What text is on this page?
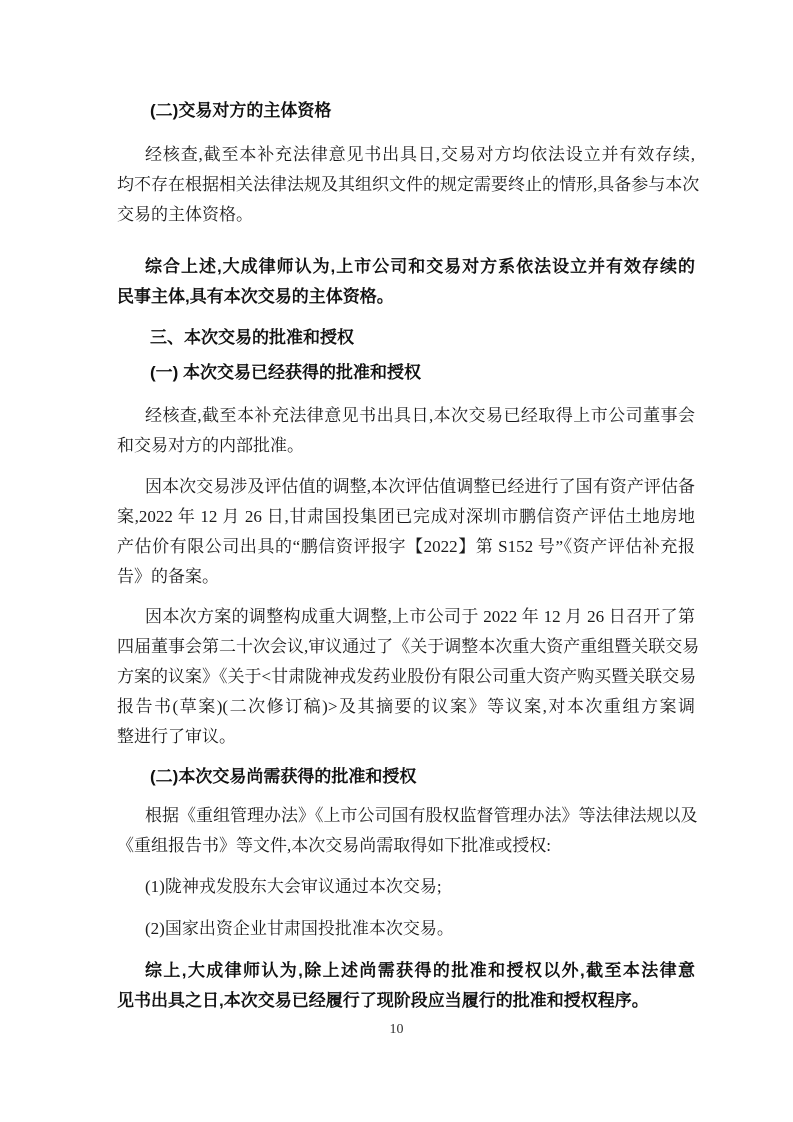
(二)交易对方的主体资格
经核查,截至本补充法律意见书出具日,交易对方均依法设立并有效存续,
均不存在根据相关法律法规及其组织文件的规定需要终止的情形,具备参与本次
交易的主体资格。
综合上述,大成律师认为,上市公司和交易对方系依法设立并有效存续的
民事主体,具有本次交易的主体资格。
三、本次交易的批准和授权
(一) 本次交易已经获得的批准和授权
经核查,截至本补充法律意见书出具日,本次交易已经取得上市公司董事会
和交易对方的内部批准。
因本次交易涉及评估值的调整,本次评估值调整已经进行了国有资产评估备
案,2022 年 12 月 26 日,甘肃国投集团已完成对深圳市鹏信资产评估土地房地
产估价有限公司出具的“鹏信资评报字【2022】第 S152 号”《资产评估补充报
告》的备案。
因本次方案的调整构成重大调整,上市公司于 2022 年 12 月 26 日召开了第
四届董事会第二十次会议,审议通过了《关于调整本次重大资产重组暨关联交易
方案的议案》《关于<甘肃陇神戎发药业股份有限公司重大资产购买暨关联交易
报告书(草案)(二次修订稿)>及其摘要的议案》等议案,对本次重组方案调
整进行了审议。
(二)本次交易尚需获得的批准和授权
根据《重组管理办法》《上市公司国有股权监督管理办法》等法律法规以及
《重组报告书》等文件,本次交易尚需取得如下批准或授权:
(1)陇神戎发股东大会审议通过本次交易;
(2)国家出资企业甘肃国投批准本次交易。
综上,大成律师认为,除上述尚需获得的批准和授权以外,截至本法律意
见书出具之日,本次交易已经履行了现阶段应当履行的批准和授权程序。
10
